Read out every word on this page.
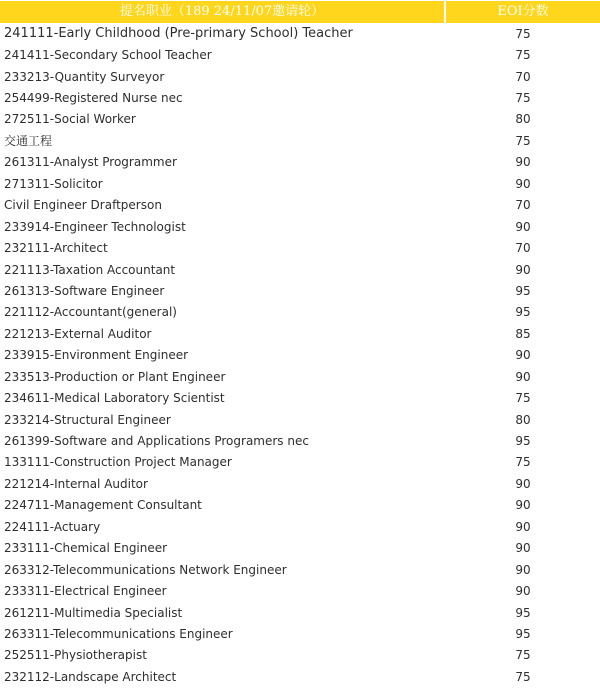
提名职业（189 24/11/07邀请轮）	EOI分数
241111-Early Childhood (Pre-primary School) Teacher	75
241411-Secondary School Teacher	75
233213-Quantity Surveyor	70
254499-Registered Nurse nec	75
272511-Social Worker	80
交通工程	75
261311-Analyst Programmer	90
271311-Solicitor	90
Civil Engineer Draftperson	70
233914-Engineer Technologist	90
232111-Architect	70
221113-Taxation Accountant	90
261313-Software Engineer	95
221112-Accountant(general)	95
221213-External Auditor	85
233915-Environment Engineer	90
233513-Production or Plant Engineer	90
234611-Medical Laboratory Scientist	75
233214-Structural Engineer	80
261399-Software and Applications Programers nec	95
133111-Construction Project Manager	75
221214-Internal Auditor	90
224711-Management Consultant	90
224111-Actuary	90
233111-Chemical Engineer	90
263312-Telecommunications Network Engineer	90
233311-Electrical Engineer	90
261211-Multimedia Specialist	95
263311-Telecommunications Engineer	95
252511-Physiotherapist	75
232112-Landscape Architect	75
